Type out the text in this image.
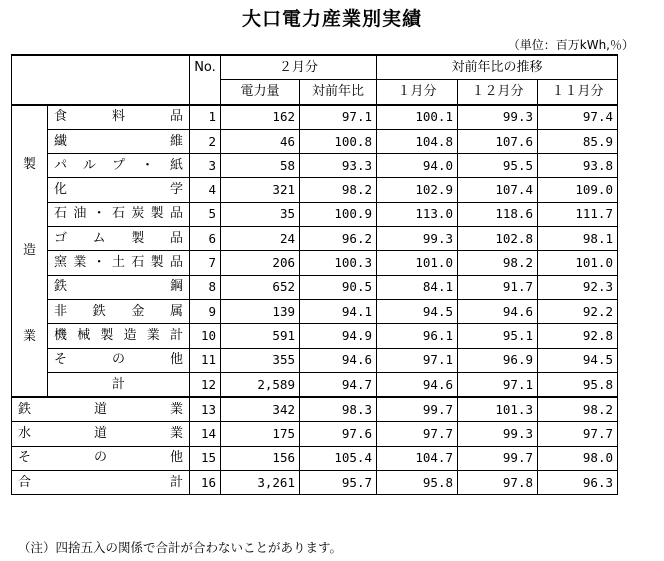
大口電力産業別実績
（単位：百万kWh,％）
		No.	２月分		対前年比の推移		
			電力量	対前年比	１月分	１２月分	１１月分

製
造
業	食料品	1	162	97.1	100.1	99.3	97.4
	繊維	2	46	100.8	104.8	107.6	85.9
	パルプ・紙	3	58	93.3	94.0	95.5	93.8
	化学	4	321	98.2	102.9	107.4	109.0
	石油・石炭製品	5	35	100.9	113.0	118.6	111.7
	ゴム製品	6	24	96.2	99.3	102.8	98.1
	窯業・土石製品	7	206	100.3	101.0	98.2	101.0
	鉄鋼	8	652	90.5	84.1	91.7	92.3
	非鉄金属	9	139	94.1	94.5	94.6	92.2
	機械製造業計	10	591	94.9	96.1	95.1	92.8
	その他	11	355	94.6	97.1	96.9	94.5
	計	12	2,589	94.7	94.6	97.1	95.8
鉄道業		13	342	98.3	99.7	101.3	98.2
水道業		14	175	97.6	97.7	99.3	97.7
その他		15	156	105.4	104.7	99.7	98.0
合計		16	3,261	95.7	95.8	97.8	96.3
（注）四捨五入の関係で合計が合わないことがあります。
